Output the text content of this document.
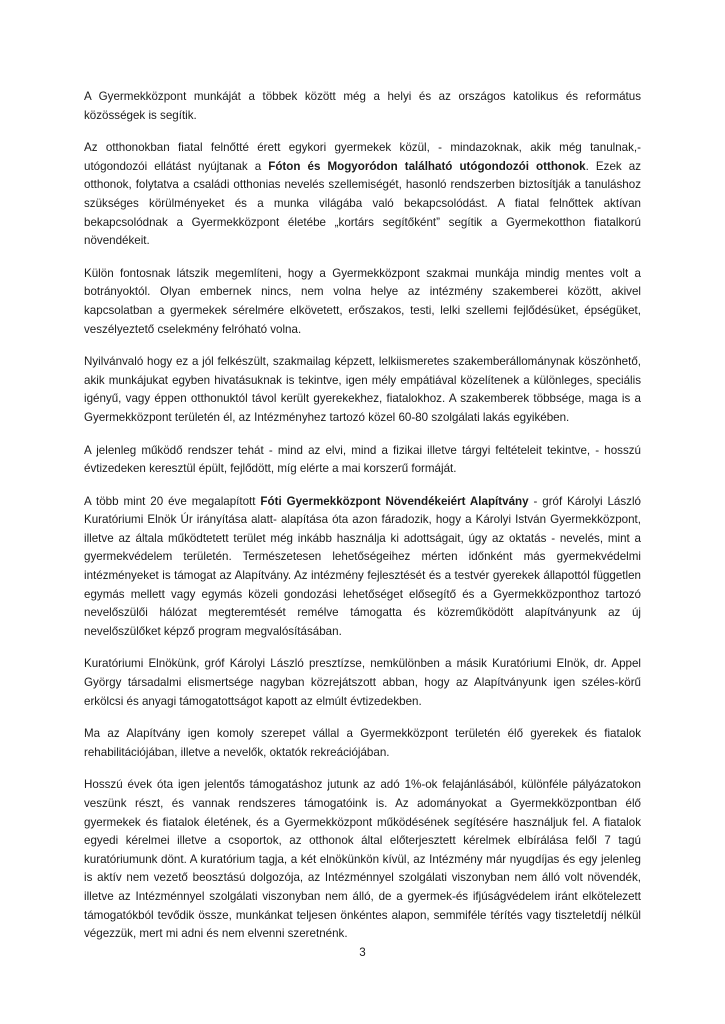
A Gyermekközpont munkáját a többek között még a helyi és az országos katolikus és református közösségek is segítik.

Az otthonokban fiatal felnőtté érett egykori gyermekek közül, - mindazoknak, akik még tanulnak,- utógondozói ellátást nyújtanak a Fóton és Mogyoródon található utógondozói otthonok. Ezek az otthonok, folytatva a családi otthonias nevelés szellemiségét, hasonló rendszerben biztosítják a tanuláshoz szükséges körülményeket és a munka világába való bekapcsolódást. A fiatal felnőttek aktívan bekapcsolódnak a Gyermekközpont életébe „kortárs segítőként” segítik a Gyermekotthon fiatalkorú növendékeit.

Külön fontosnak látszik megemlíteni, hogy a Gyermekközpont szakmai munkája mindig mentes volt a botrányoktól. Olyan embernek nincs, nem volna helye az intézmény szakemberei között, akivel kapcsolatban a gyermekek sérelmére elkövetett, erőszakos, testi, lelki szellemi fejlődésüket, épségüket, veszélyeztető cselekmény felróható volna.

Nyilvánvaló hogy ez a jól felkészült, szakmailag képzett, lelkiismeretes szakemberállománynak köszönhető, akik munkájukat egyben hivatásuknak is tekintve, igen mély empátiával közelítenek a különleges, speciális igényű, vagy éppen otthonuktól távol került gyerekekhez, fiatalokhoz. A szakemberek többsége, maga is a Gyermekközpont területén él, az Intézményhez tartozó közel 60-80 szolgálati lakás egyikében.

A jelenleg működő rendszer tehát - mind az elvi, mind a fizikai illetve tárgyi feltételeit tekintve, - hosszú évtizedeken keresztül épült, fejlődött, míg elérte a mai korszerű formáját.

A több mint 20 éve megalapított Fóti Gyermekközpont Növendékeiért Alapítvány - gróf Károlyi László Kuratóriumi Elnök Úr irányítása alatt- alapítása óta azon fáradozik, hogy a Károlyi István Gyermekközpont, illetve az általa működtetett terület még inkább használja ki adottságait, úgy az oktatás - nevelés, mint a gyermekvédelem területén. Természetesen lehetőségeihez mérten időnként más gyermekvédelmi intézményeket is támogat az Alapítvány. Az intézmény fejlesztését és a testvér gyerekek állapottól független egymás mellett vagy egymás közeli gondozási lehetőséget elősegítő és a Gyermekközponthoz tartozó nevelőszülői hálózat megteremtését remélve támogatta és közreműködött alapítványunk az új nevelőszülőket képző program megvalósításában.

Kuratóriumi Elnökünk, gróf Károlyi László presztízse, nemkülönben a másik Kuratóriumi Elnök, dr. Appel György társadalmi elismertsége nagyban közrejátszott abban, hogy az Alapítványunk igen széles-körű erkölcsi és anyagi támogatottságot kapott az elmúlt évtizedekben.

Ma az Alapítvány igen komoly szerepet vállal a Gyermekközpont területén élő gyerekek és fiatalok rehabilitációjában, illetve a nevelők, oktatók rekreációjában.

Hosszú évek óta igen jelentős támogatáshoz jutunk az adó 1%-ok felajánlásából, különféle pályázatokon veszünk részt, és vannak rendszeres támogatóink is. Az adományokat a Gyermekközpontban élő gyermekek és fiatalok életének, és a Gyermekközpont működésének segítésére használjuk fel. A fiatalok egyedi kérelmei illetve a csoportok, az otthonok által előterjesztett kérelmek elbírálása felől 7 tagú kuratóriumunk dönt. A kuratórium tagja, a két elnökünkön kívül, az Intézmény már nyugdíjas és egy jelenleg is aktív nem vezető beosztású dolgozója, az Intézménnyel szolgálati viszonyban nem álló volt növendék, illetve az Intézménnyel szolgálati viszonyban nem álló, de a gyermek-és ifjúságvédelem iránt elkötelezett támogatókból tevődik össze, munkánkat teljesen önkéntes alapon, semmiféle térítés vagy tiszteletdíj nélkül végezzük, mert mi adni és nem elvenni szeretnénk.

3
